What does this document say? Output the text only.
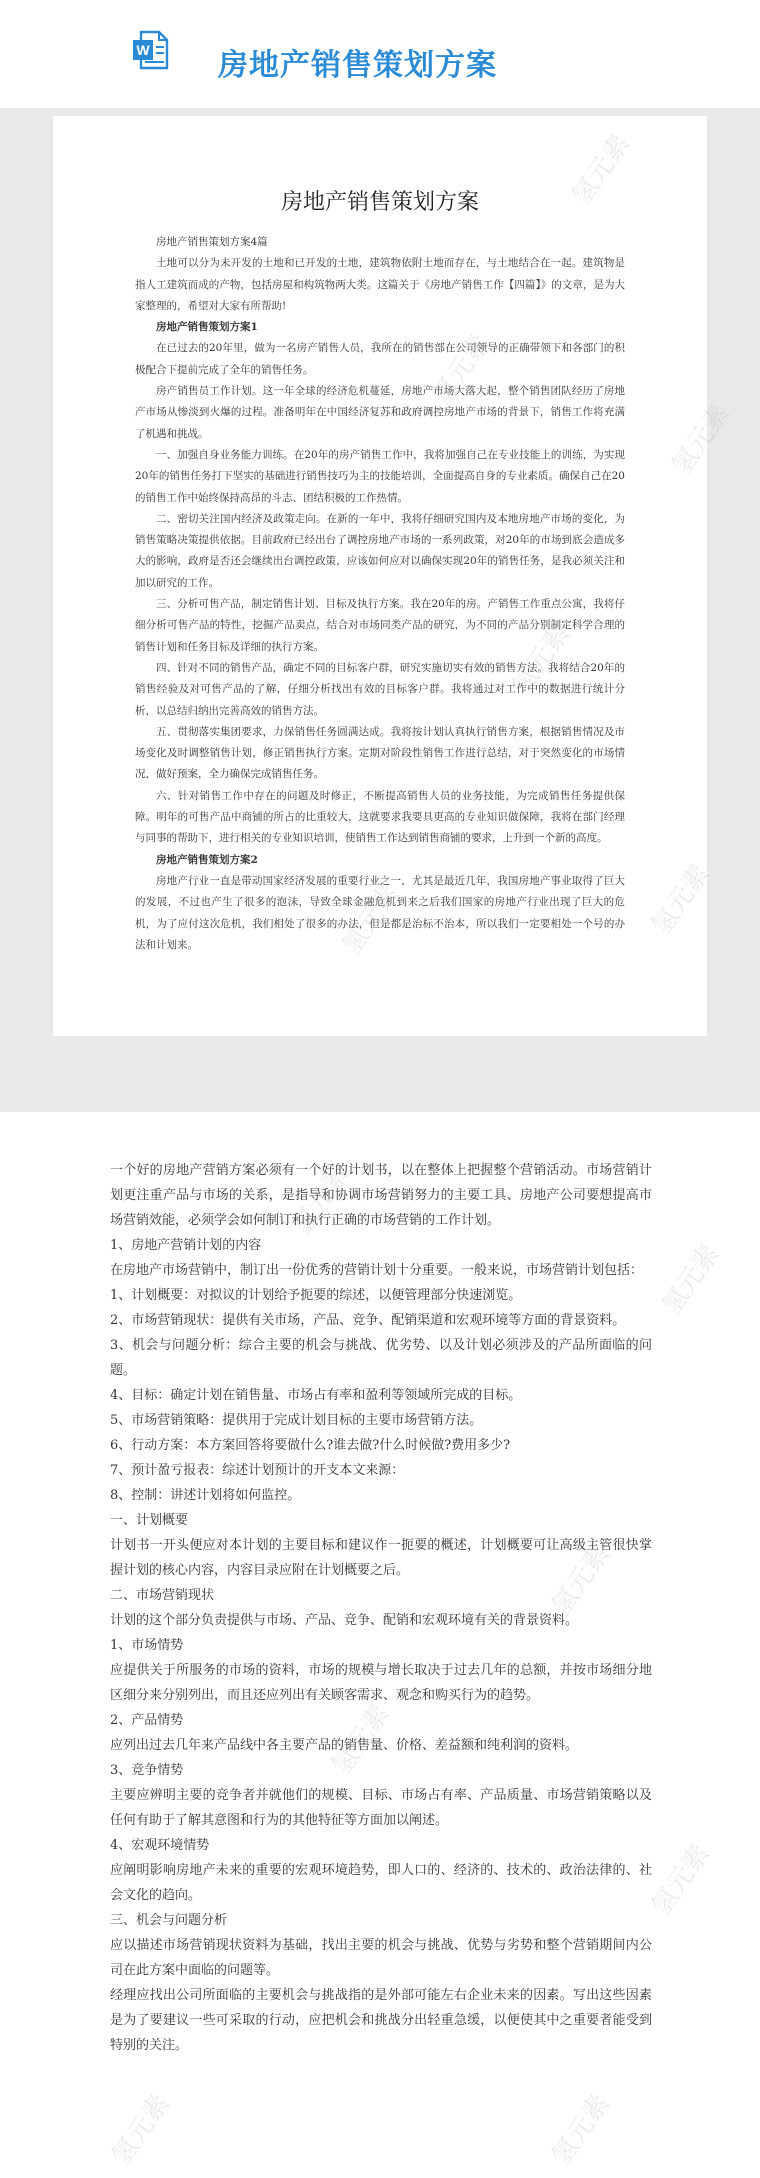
W 房地产销售策划方案
房地产销售策划方案

房地产销售策划方案4篇

土地可以分为未开发的土地和已开发的土地，建筑物依附土地而存在，与土地结合在一起。建筑物是指人工建筑而成的产物，包括房屋和构筑物两大类。这篇关于《房地产销售工作【四篇】》的文章，是为大家整理的，希望对大家有所帮助!

房地产销售策划方案1

在已过去的20年里，做为一名房产销售人员，我所在的销售部在公司领导的正确带领下和各部门的积极配合下提前完成了全年的销售任务。

房产销售员工作计划。这一年全球的经济危机蔓延，房地产市场大落大起，整个销售团队经历了房地产市场从惨淡到火爆的过程。准备明年在中国经济复苏和政府调控房地产市场的背景下，销售工作将充满了机遇和挑战。

一、加强自身业务能力训练。在20年的房产销售工作中，我将加强自己在专业技能上的训练，为实现20年的销售任务打下坚实的基础进行销售技巧为主的技能培训，全面提高自身的专业素质。确保自己在20的销售工作中始终保持高昂的斗志、团结积极的工作热情。

二、密切关注国内经济及政策走向。在新的一年中，我将仔细研究国内及本地房地产市场的变化，为销售策略决策提供依据。目前政府已经出台了调控房地产市场的一系列政策，对20年的市场到底会造成多大的影响，政府是否还会继续出台调控政策，应该如何应对以确保实现20年的销售任务，是我必须关注和加以研究的工作。

三、分析可售产品，制定销售计划、目标及执行方案。我在20年的房。产销售工作重点公寓，我将仔细分析可售产品的特性，挖掘产品卖点，结合对市场同类产品的研究，为不同的产品分别制定科学合理的销售计划和任务目标及详细的执行方案。

四、针对不同的销售产品，确定不同的目标客户群，研究实施切实有效的销售方法。我将结合20年的销售经验及对可售产品的了解，仔细分析找出有效的目标客户群。我将通过对工作中的数据进行统计分析，以总结归纳出完善高效的销售方法。

五、贯彻落实集团要求，力保销售任务圆满达成。我将按计划认真执行销售方案，根据销售情况及市场变化及时调整销售计划，修正销售执行方案。定期对阶段性销售工作进行总结，对于突然变化的市场情况，做好预案，全力确保完成销售任务。

六、针对销售工作中存在的问题及时修正，不断提高销售人员的业务技能，为完成销售任务提供保障。明年的可售产品中商铺的所占的比重较大，这就要求我要具更高的专业知识做保障，我将在部门经理与同事的帮助下，进行相关的专业知识培训，使销售工作达到销售商铺的要求，上升到一个新的高度。

房地产销售策划方案2

房地产行业一直是带动国家经济发展的重要行业之一，尤其是最近几年，我国房地产事业取得了巨大的发展，不过也产生了很多的泡沫，导致全球金融危机到来之后我们国家的房地产行业出现了巨大的危机，为了应付这次危机，我们相处了很多的办法，但是都是治标不治本，所以我们一定要相处一个号的办法和计划来。

一个好的房地产营销方案必须有一个好的计划书，以在整体上把握整个营销活动。市场营销计划更注重产品与市场的关系，是指导和协调市场营销努力的主要工具、房地产公司要想提高市场营销效能，必须学会如何制订和执行正确的市场营销的工作计划。

1、房地产营销计划的内容

在房地产市场营销中，制订出一份优秀的营销计划十分重要。一般来说，市场营销计划包括：

1、计划概要：对拟议的计划给予扼要的综述，以便管理部分快速浏览。

2、市场营销现状：提供有关市场，产品、竞争、配销渠道和宏观环境等方面的背景资料。

3、机会与问题分析：综合主要的机会与挑战、优劣势、以及计划必须涉及的产品所面临的问题。

4、目标：确定计划在销售量、市场占有率和盈利等领域所完成的目标。

5、市场营销策略：提供用于完成计划目标的主要市场营销方法。

6、行动方案：本方案回答将要做什么?谁去做?什么时候做?费用多少?

7、预计盈亏报表：综述计划预计的开支本文来源：

8、控制：讲述计划将如何监控。

一、计划概要

计划书一开头便应对本计划的主要目标和建议作一扼要的概述，计划概要可让高级主管很快掌握计划的核心内容，内容目录应附在计划概要之后。

二、市场营销现状

计划的这个部分负责提供与市场、产品、竞争、配销和宏观环境有关的背景资料。

1、市场情势

应提供关于所服务的市场的资料，市场的规模与增长取决于过去几年的总额，并按市场细分地区细分来分别列出，而且还应列出有关顾客需求、观念和购买行为的趋势。

2、产品情势

应列出过去几年来产品线中各主要产品的销售量、价格、差益额和纯利润的资料。

3、竞争情势

主要应辨明主要的竞争者并就他们的规模、目标、市场占有率、产品质量、市场营销策略以及任何有助于了解其意图和行为的其他特征等方面加以阐述。

4、宏观环境情势

应阐明影响房地产未来的重要的宏观环境趋势，即人口的、经济的、技术的、政治法律的、社会文化的趋向。

三、机会与问题分析

应以描述市场营销现状资料为基础，找出主要的机会与挑战、优势与劣势和整个营销期间内公司在此方案中面临的问题等。

经理应找出公司所面临的主要机会与挑战指的是外部可能左右企业未来的因素。写出这些因素是为了要建议一些可采取的行动，应把机会和挑战分出轻重急缓，以便使其中之重要者能受到特别的关注。

氢元素
氢元素
氢元素
氢元素
氢元素	氢元素
氢元素
氢元素
氢元素
氢元素
氢元素
氢元素
氢元素
